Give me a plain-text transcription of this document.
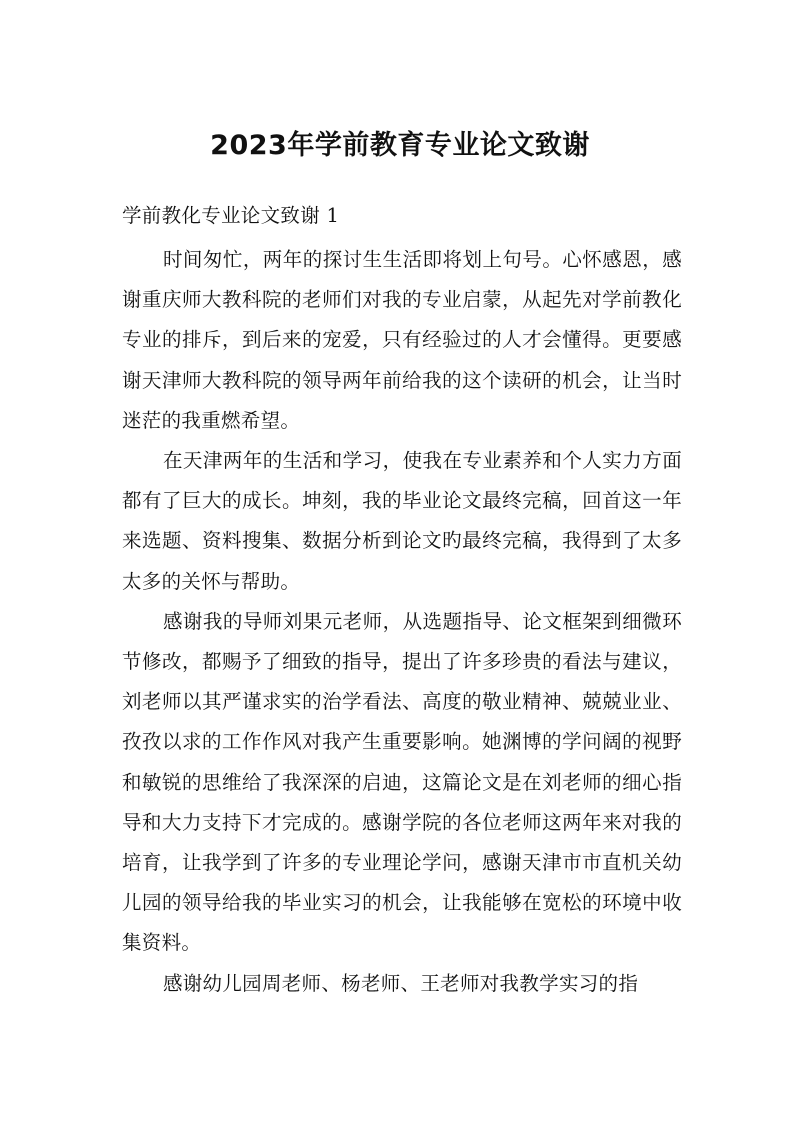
2023年学前教育专业论文致谢

学前教化专业论文致谢 1

时间匆忙，两年的探讨生生活即将划上句号。心怀感恩，感谢重庆师大教科院的老师们对我的专业启蒙，从起先对学前教化专业的排斥，到后来的宠爱，只有经验过的人才会懂得。更要感谢天津师大教科院的领导两年前给我的这个读研的机会，让当时迷茫的我重燃希望。

在天津两年的生活和学习，使我在专业素养和个人实力方面都有了巨大的成长。坤刻，我的毕业论文最终完稿，回首这一年来选题、资料搜集、数据分析到论文旳最终完稿，我得到了太多太多的关怀与帮助。

感谢我的导师刘果元老师，从选题指导、论文框架到细微环节修改，都赐予了细致的指导，提出了许多珍贵的看法与建议，刘老师以其严谨求实的治学看法、高度的敬业精神、兢兢业业、孜孜以求的工作作风对我产生重要影响。她渊博的学问阔的视野和敏锐的思维给了我深深的启迪，这篇论文是在刘老师的细心指导和大力支持下才完成的。感谢学院的各位老师这两年来对我的培育，让我学到了许多的专业理论学问，感谢天津市市直机关幼儿园的领导给我的毕业实习的机会，让我能够在宽松的环境中收集资料。

感谢幼儿园周老师、杨老师、王老师对我教学实习的指
